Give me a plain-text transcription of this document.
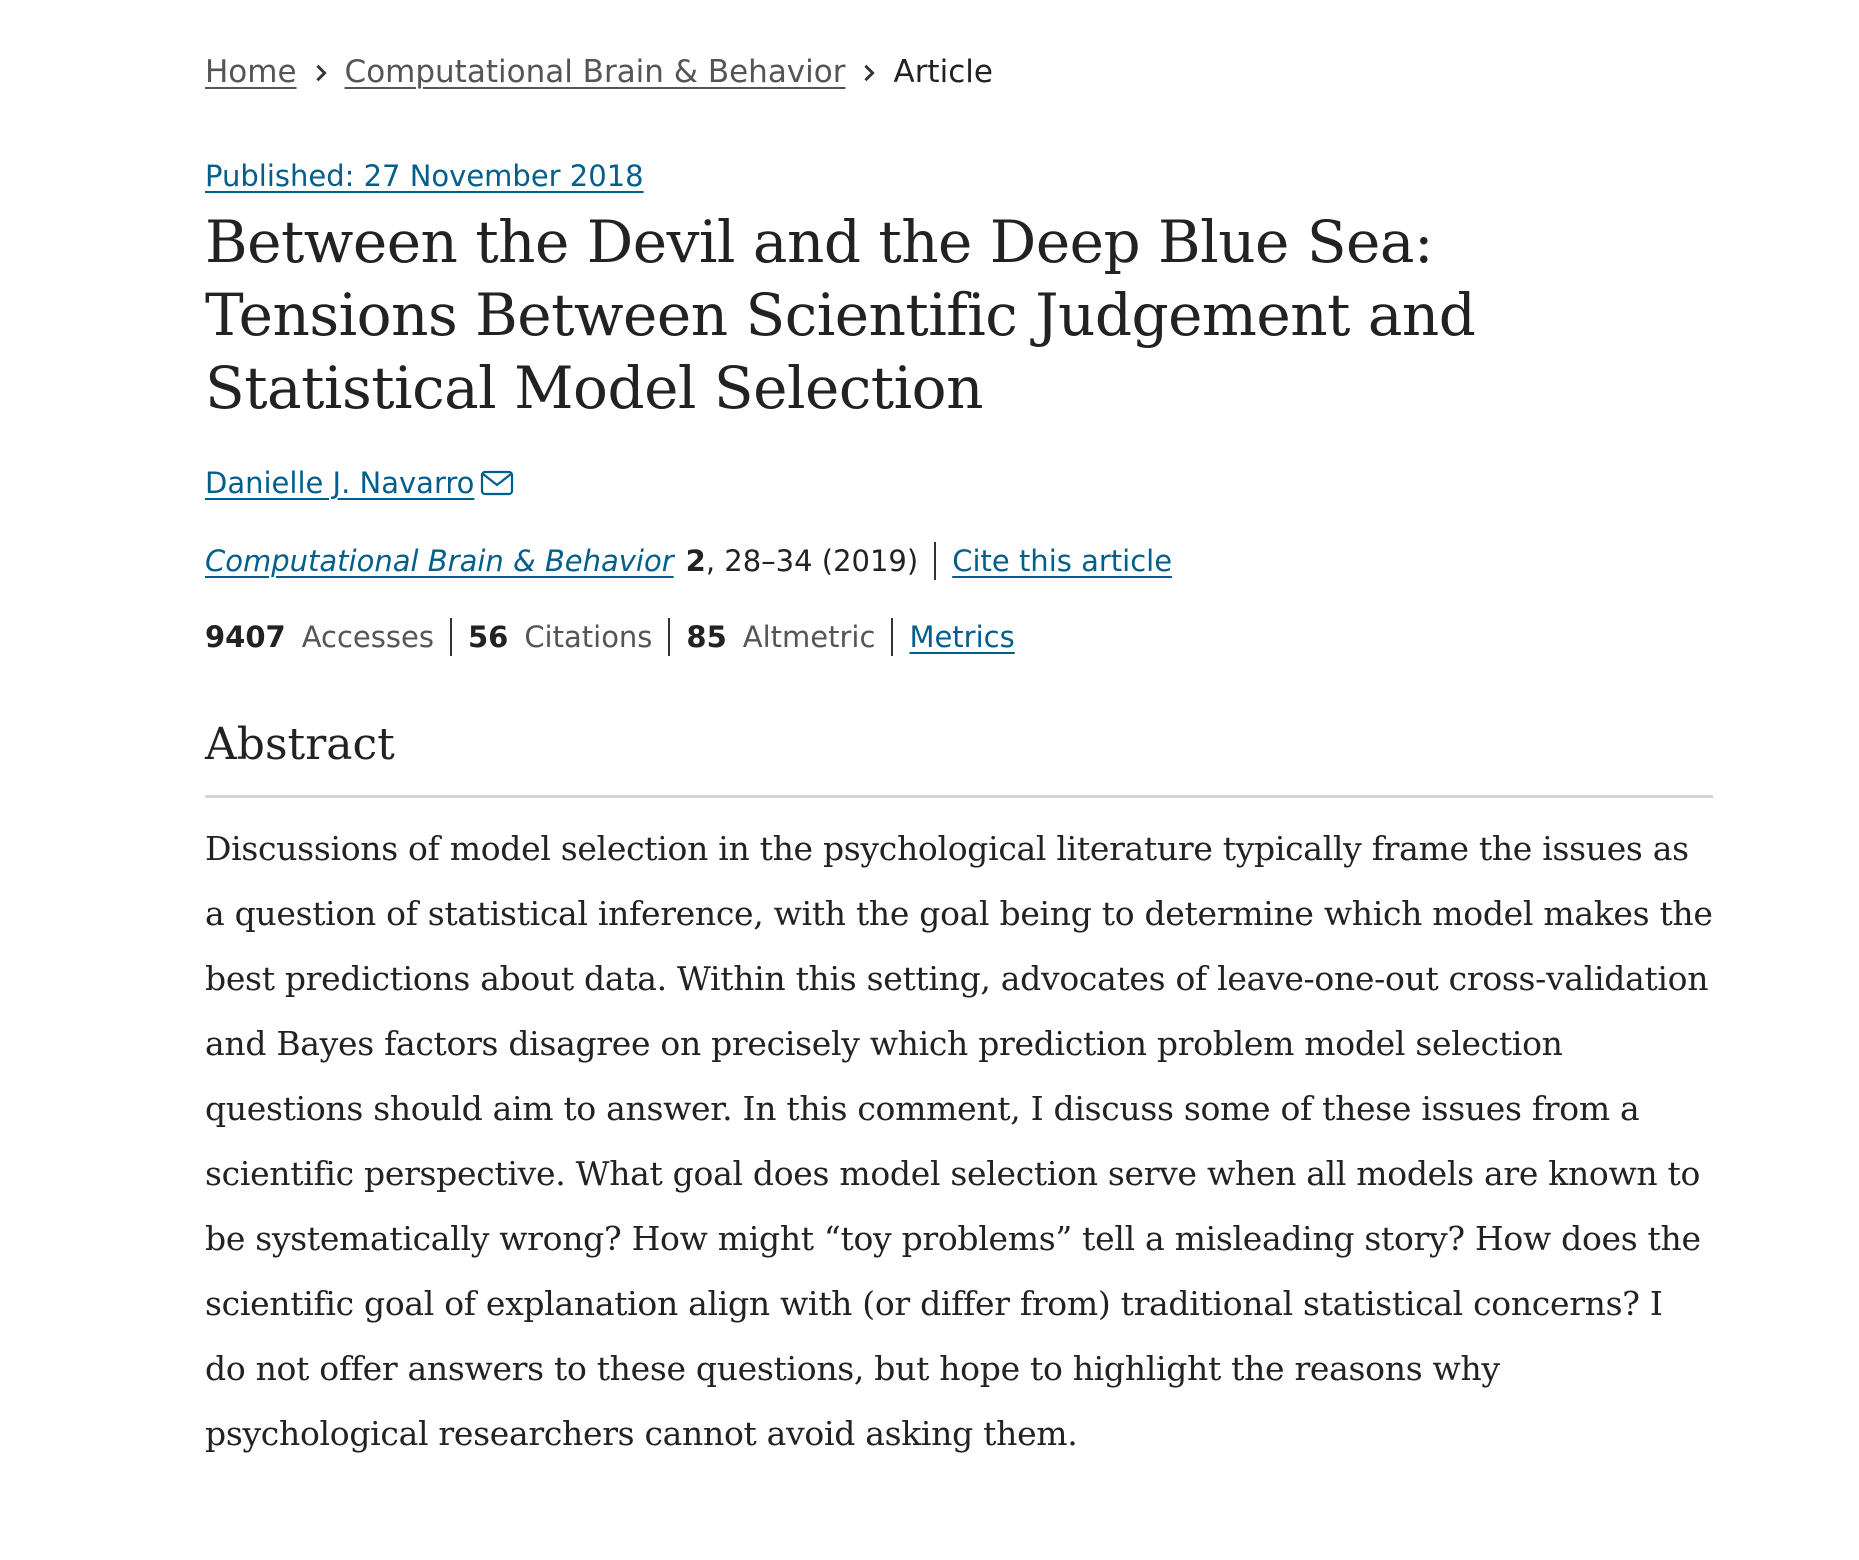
Home Computational Brain & Behavior Article
Published: 27 November 2018
Between the Devil and the Deep Blue Sea: Tensions Between Scientific Judgement and Statistical Model Selection
Danielle J. Navarro
Computational Brain & Behavior 2 , 28–34 (2019) Cite this article
9407 Accesses 56 Citations 85 Altmetric Metrics
Abstract

Discussions of model selection in the psychological literature typically frame the issues as a question of statistical inference, with the goal being to determine which model makes the best predictions about data. Within this setting, advocates of leave-one-out cross-validation and Bayes factors disagree on precisely which prediction problem model selection questions should aim to answer. In this comment, I discuss some of these issues from a scientific perspective. What goal does model selection serve when all models are known to be systematically wrong? How might “toy problems” tell a misleading story? How does the scientific goal of explanation align with (or differ from) traditional statistical concerns? I do not offer answers to these questions, but hope to highlight the reasons why psychological researchers cannot avoid asking them.
